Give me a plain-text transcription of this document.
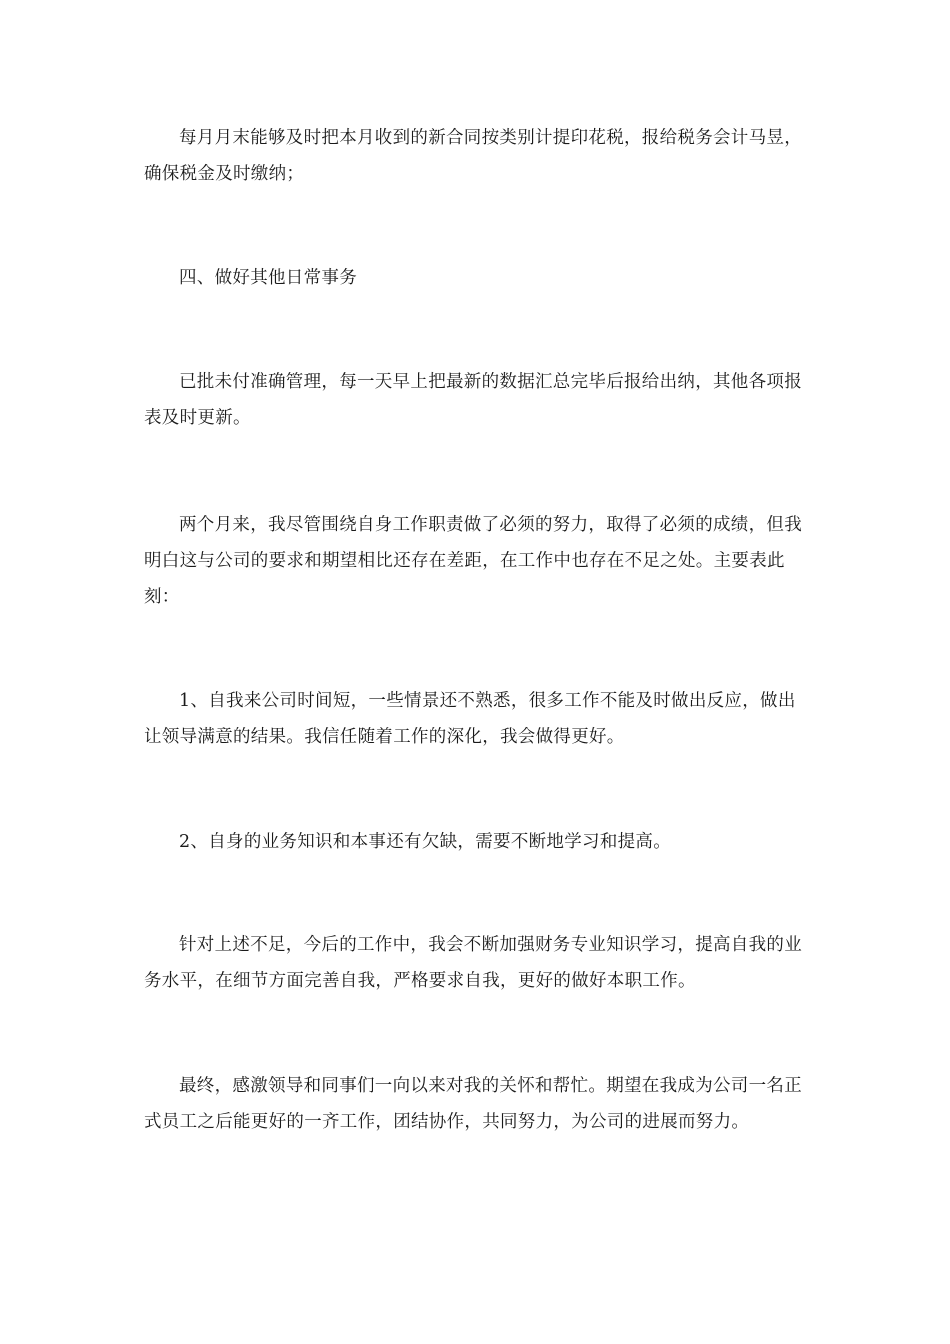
每月月末能够及时把本月收到的新合同按类别计提印花税，报给税务会计马昱，确保税金及时缴纳；

四、做好其他日常事务

已批未付准确管理，每一天早上把最新的数据汇总完毕后报给出纳，其他各项报表及时更新。

两个月来，我尽管围绕自身工作职责做了必须的努力，取得了必须的成绩，但我明白这与公司的要求和期望相比还存在差距，在工作中也存在不足之处。主要表此刻：

1、自我来公司时间短，一些情景还不熟悉，很多工作不能及时做出反应，做出让领导满意的结果。我信任随着工作的深化，我会做得更好。

2、自身的业务知识和本事还有欠缺，需要不断地学习和提高。

针对上述不足，今后的工作中，我会不断加强财务专业知识学习，提高自我的业务水平，在细节方面完善自我，严格要求自我，更好的做好本职工作。

最终，感激领导和同事们一向以来对我的关怀和帮忙。期望在我成为公司一名正式员工之后能更好的一齐工作，团结协作，共同努力，为公司的进展而努力。
